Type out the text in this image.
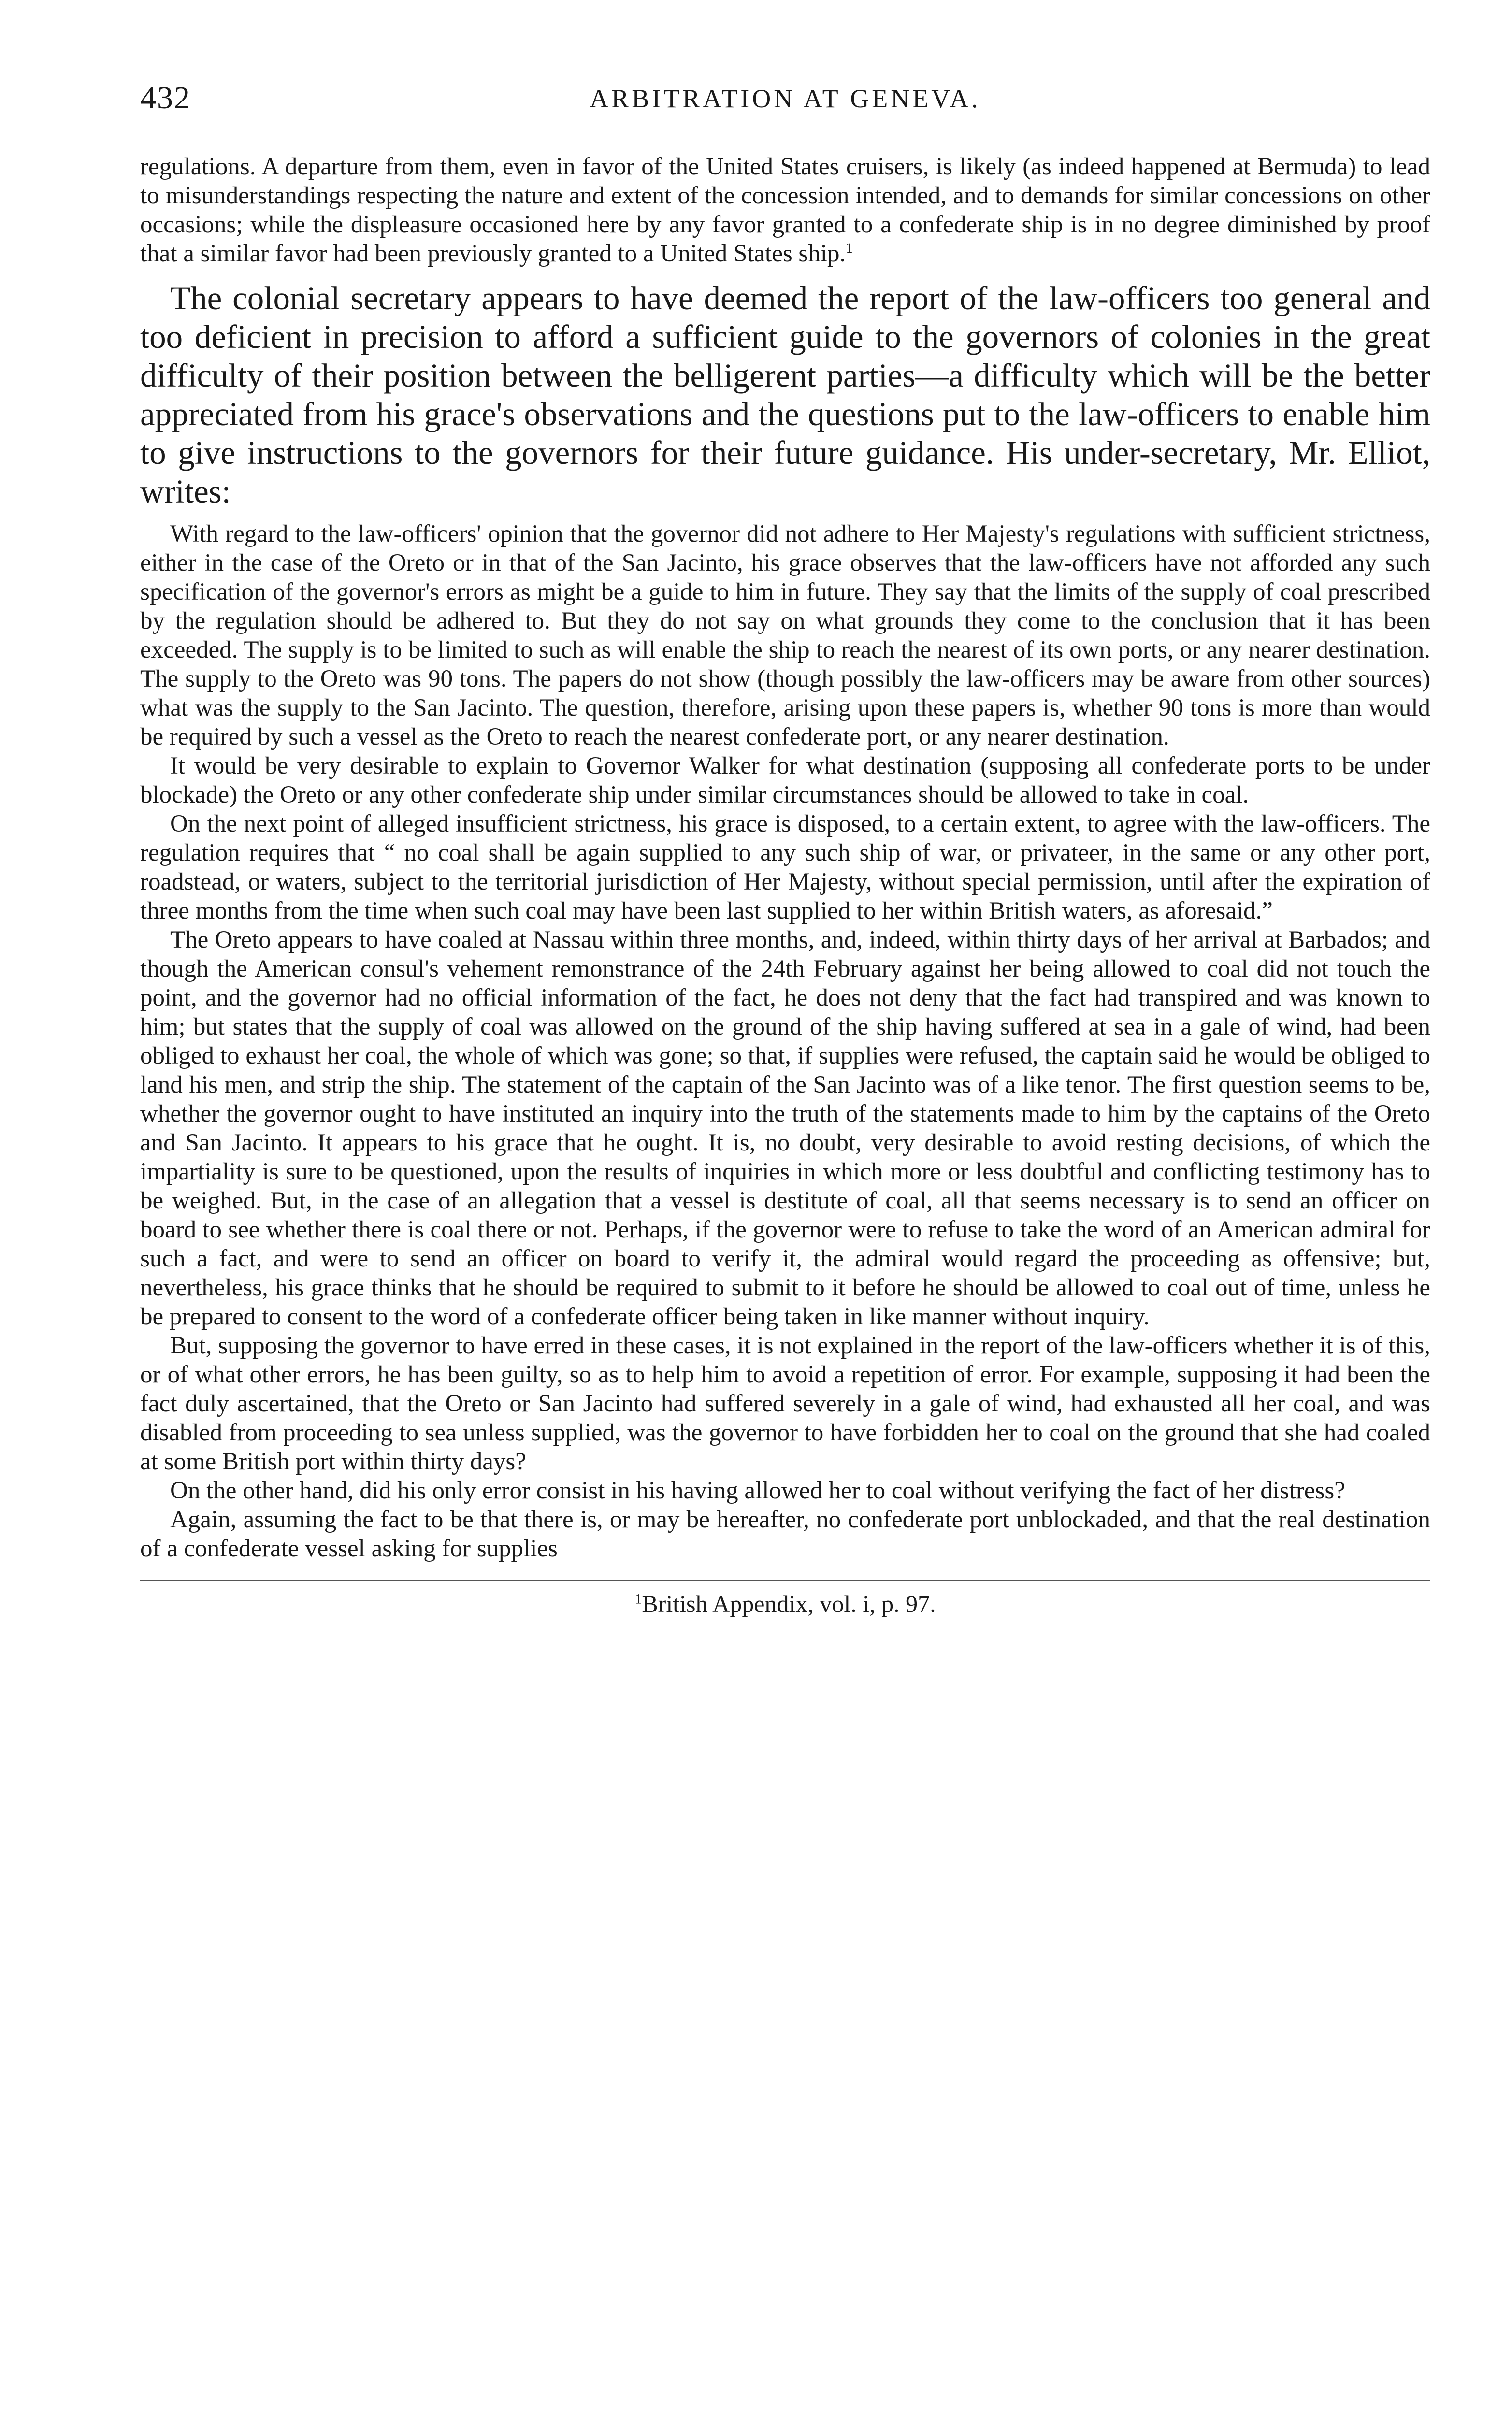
432	ARBITRATION AT GENEVA.

regulations. A departure from them, even in favor of the United States cruisers, is likely (as indeed happened at Bermuda) to lead to misunderstandings respecting the nature and extent of the concession intended, and to demands for similar concessions on other occasions; while the displeasure occasioned here by any favor granted to a confederate ship is in no degree diminished by proof that a similar favor had been previously granted to a United States ship.$^1$

The colonial secretary appears to have deemed the report of the law-officers too general and too deficient in precision to afford a sufficient guide to the governors of colonies in the great difficulty of their position between the belligerent parties—a difficulty which will be the better appreciated from his grace's observations and the questions put to the law-officers to enable him to give instructions to the governors for their future guidance. His under-secretary, Mr. Elliot, writes:

With regard to the law-officers' opinion that the governor did not adhere to Her Majesty's regulations with sufficient strictness, either in the case of the Oreto or in that of the San Jacinto, his grace observes that the law-officers have not afforded any such specification of the governor's errors as might be a guide to him in future. They say that the limits of the supply of coal prescribed by the regulation should be adhered to. But they do not say on what grounds they come to the conclusion that it has been exceeded. The supply is to be limited to such as will enable the ship to reach the nearest of its own ports, or any nearer destination. The supply to the Oreto was 90 tons. The papers do not show (though possibly the law-officers may be aware from other sources) what was the supply to the San Jacinto. The question, therefore, arising upon these papers is, whether 90 tons is more than would be required by such a vessel as the Oreto to reach the nearest confederate port, or any nearer destination.

It would be very desirable to explain to Governor Walker for what destination (supposing all confederate ports to be under blockade) the Oreto or any other confederate ship under similar circumstances should be allowed to take in coal.

On the next point of alleged insufficient strictness, his grace is disposed, to a certain extent, to agree with the law-officers. The regulation requires that “ no coal shall be again supplied to any such ship of war, or privateer, in the same or any other port, roadstead, or waters, subject to the territorial jurisdiction of Her Majesty, without special permission, until after the expiration of three months from the time when such coal may have been last supplied to her within British waters, as aforesaid.”

The Oreto appears to have coaled at Nassau within three months, and, indeed, within thirty days of her arrival at Barbados; and though the American consul's vehement remonstrance of the 24th February against her being allowed to coal did not touch the point, and the governor had no official information of the fact, he does not deny that the fact had transpired and was known to him; but states that the supply of coal was allowed on the ground of the ship having suffered at sea in a gale of wind, had been obliged to exhaust her coal, the whole of which was gone; so that, if supplies were refused, the captain said he would be obliged to land his men, and strip the ship. The statement of the captain of the San Jacinto was of a like tenor. The first question seems to be, whether the governor ought to have instituted an inquiry into the truth of the statements made to him by the captains of the Oreto and San Jacinto. It appears to his grace that he ought. It is, no doubt, very desirable to avoid resting decisions, of which the impartiality is sure to be questioned, upon the results of inquiries in which more or less doubtful and conflicting testimony has to be weighed. But, in the case of an allegation that a vessel is destitute of coal, all that seems necessary is to send an officer on board to see whether there is coal there or not. Perhaps, if the governor were to refuse to take the word of an American admiral for such a fact, and were to send an officer on board to verify it, the admiral would regard the proceeding as offensive; but, nevertheless, his grace thinks that he should be required to submit to it before he should be allowed to coal out of time, unless he be prepared to consent to the word of a confederate officer being taken in like manner without inquiry.

But, supposing the governor to have erred in these cases, it is not explained in the report of the law-officers whether it is of this, or of what other errors, he has been guilty, so as to help him to avoid a repetition of error. For example, supposing it had been the fact duly ascertained, that the Oreto or San Jacinto had suffered severely in a gale of wind, had exhausted all her coal, and was disabled from proceeding to sea unless supplied, was the governor to have forbidden her to coal on the ground that she had coaled at some British port within thirty days?

On the other hand, did his only error consist in his having allowed her to coal without verifying the fact of her distress?

Again, assuming the fact to be that there is, or may be hereafter, no confederate port unblockaded, and that the real destination of a confederate vessel asking for supplies

$^1$British Appendix, vol. i, p. 97.
